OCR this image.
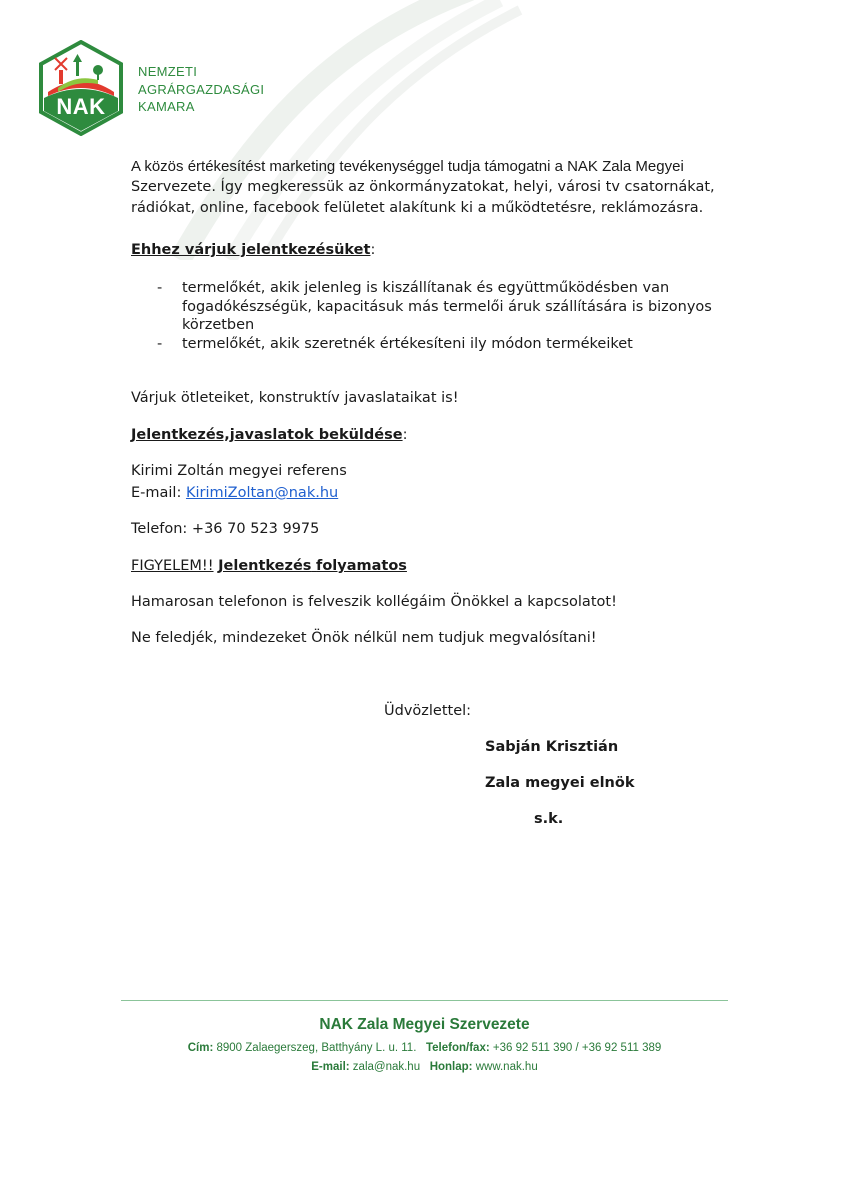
NAK
NEMZETI
AGRÁRGAZDASÁGI
KAMARA
A közös értékesítést marketing tevékenységgel tudja támogatni a NAK Zala Megyei
Szervezete. Így megkeressük az önkormányzatokat, helyi, városi tv csatornákat,
rádiókat, online, facebook felületet alakítunk ki a működtetésre, reklámozásra.
Ehhez várjuk jelentkezésüket:
- termelőkét, akik jelenleg is kiszállítanak és együttműködésben van
fogadókészségük, kapacitásuk más termelői áruk szállítására is bizonyos
körzetben
- termelőkét, akik szeretnék értékesíteni ily módon termékeiket
Várjuk ötleteiket, konstruktív javaslataikat is!
Jelentkezés,javaslatok beküldése:
Kirimi Zoltán megyei referens
E-mail: KirimiZoltan@nak.hu
Telefon: +36 70 523 9975
FIGYELEM!! Jelentkezés folyamatos
Hamarosan telefonon is felveszik kollégáim Önökkel a kapcsolatot!
Ne feledjék, mindezeket Önök nélkül nem tudjuk megvalósítani!
Üdvözlettel:
Sabján Krisztián
Zala megyei elnök
s.k.
NAK Zala Megyei Szervezete
Cím: 8900 Zalaegerszeg, Batthyány L. u. 11. Telefon/fax: +36 92 511 390 / +36 92 511 389
E-mail: zala@nak.hu Honlap: www.nak.hu
